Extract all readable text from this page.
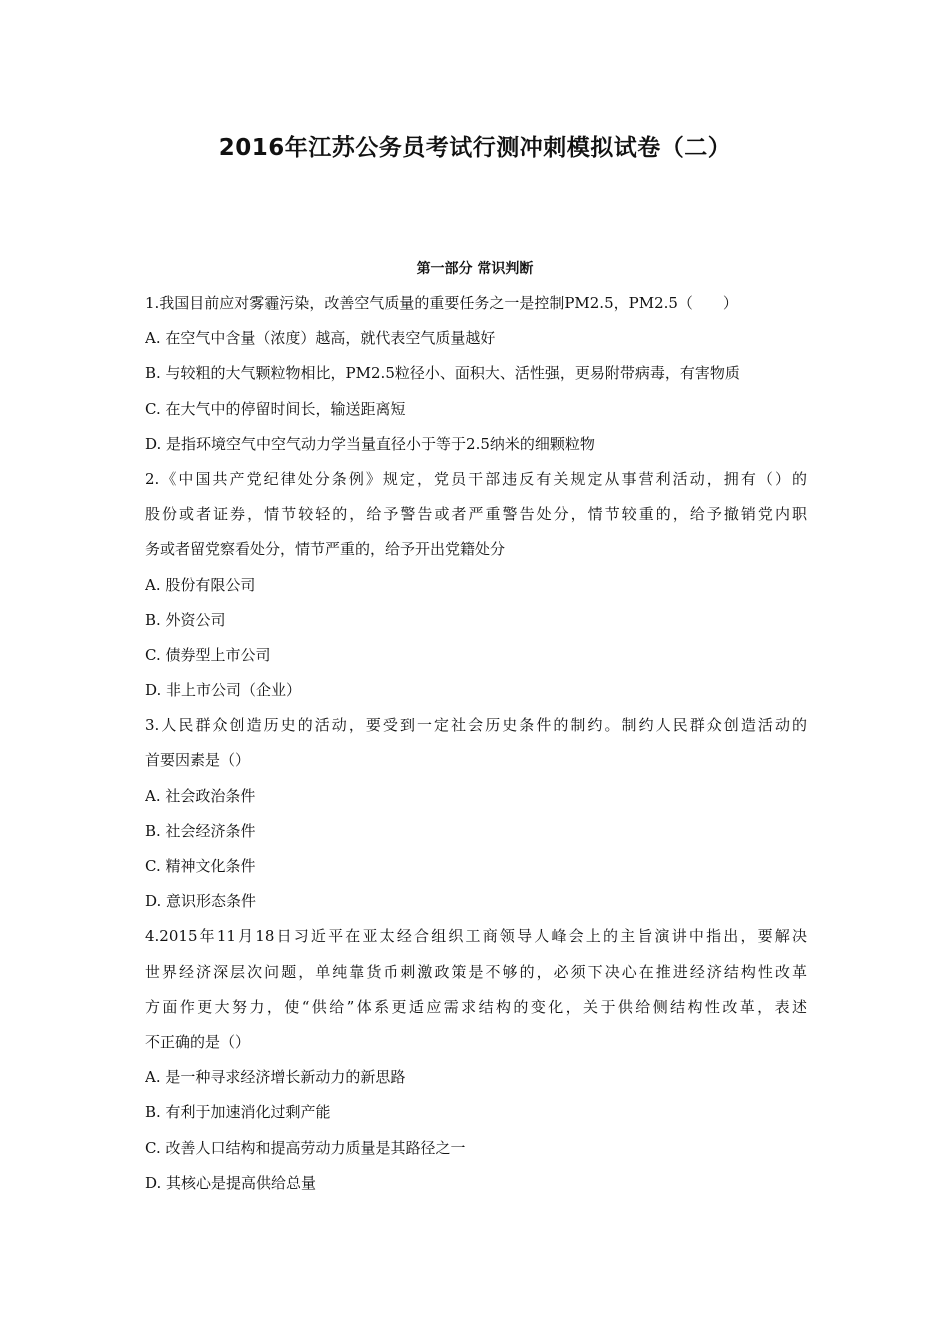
2016年江苏公务员考试行测冲刺模拟试卷（二）
第一部分 常识判断
1.我国目前应对雾霾污染，改善空气质量的重要任务之一是控制PM2.5，PM2.5（　　）
A. 在空气中含量（浓度）越高，就代表空气质量越好
B. 与较粗的大气颗粒物相比，PM2.5粒径小、面积大、活性强，更易附带病毒，有害物质
C. 在大气中的停留时间长，输送距离短
D. 是指环境空气中空气动力学当量直径小于等于2.5纳米的细颗粒物
2.《中国共产党纪律处分条例》规定，党员干部违反有关规定从事营利活动，拥有（）的
股份或者证券，情节较轻的，给予警告或者严重警告处分，情节较重的，给予撤销党内职
务或者留党察看处分，情节严重的，给予开出党籍处分
A. 股份有限公司
B. 外资公司
C. 债券型上市公司
D. 非上市公司（企业）
3.人民群众创造历史的活动，要受到一定社会历史条件的制约。制约人民群众创造活动的
首要因素是（）
A. 社会政治条件
B. 社会经济条件
C. 精神文化条件
D. 意识形态条件
4.2015年11月18日习近平在亚太经合组织工商领导人峰会上的主旨演讲中指出，要解决
世界经济深层次问题，单纯靠货币刺激政策是不够的，必须下决心在推进经济结构性改革
方面作更大努力，使“供给”体系更适应需求结构的变化，关于供给侧结构性改革，表述
不正确的是（）
A. 是一种寻求经济增长新动力的新思路
B. 有利于加速消化过剩产能
C. 改善人口结构和提高劳动力质量是其路径之一
D. 其核心是提高供给总量
